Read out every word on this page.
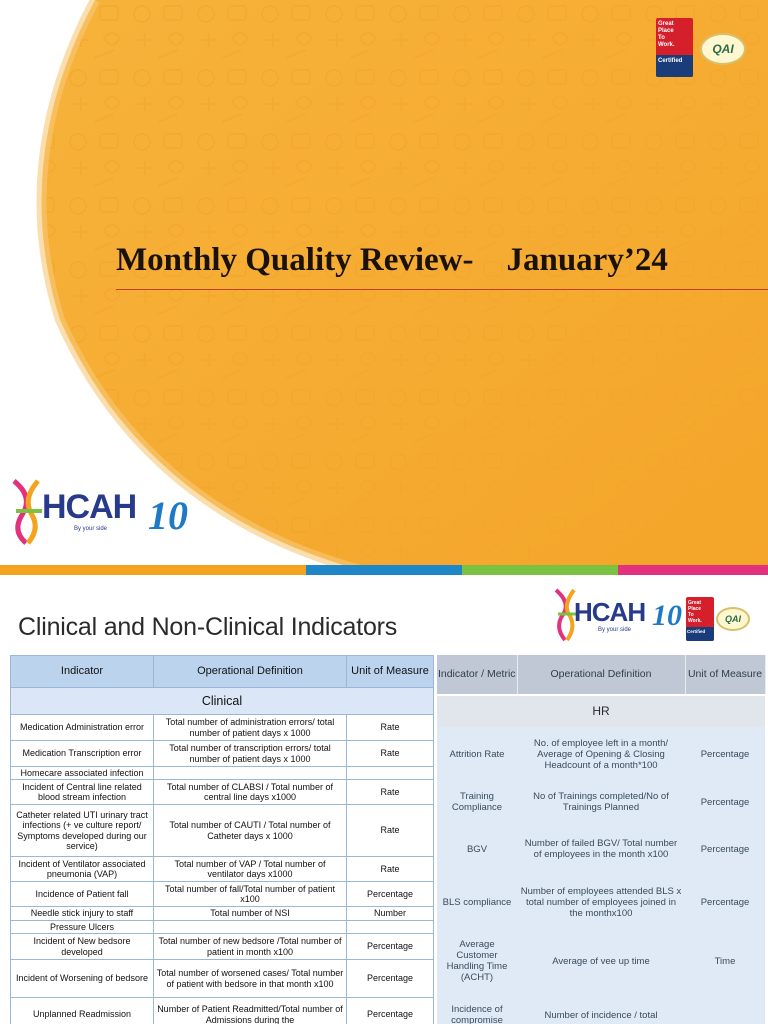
Monthly Quality Review-    January’24
Great
Place
To
Work.
Certified
QAI
HCAH
By your side 10
Clinical and Non-Clinical Indicators	HCAH
By your side 10 Great
Place
To
Work.
Certified
QAI
Indicator	Operational Definition	Unit of Measure
Clinical		
Medication Administration error	Total number of administration errors/ total number of patient days x 1000	Rate
Medication Transcription error	Total number of transcription errors/ total number of patient days x 1000	Rate
Homecare associated infection		
Incident of Central line related blood stream infection	Total number of CLABSI / Total number of central line days x1000	Rate
Catheter related UTI urinary tract infections (+ ve culture report/ Symptoms developed during our service)	Total number of CAUTI / Total number of Catheter days x 1000	Rate
Incident of Ventilator associated pneumonia (VAP)	Total number of VAP / Total number of ventilator days x1000	Rate
Incidence of Patient fall	Total number of fall/Total number of patient x100	Percentage
Needle stick injury to staff	Total number of NSI	Number
Pressure Ulcers		
Incident of New bedsore developed	Total number of new bedsore /Total number of patient in month x100	Percentage
Incident of Worsening of bedsore	Total number of worsened cases/ Total number of patient with bedsore in that month x100	Percentage
Unplanned Readmission	Number of Patient Readmitted/Total number of Admissions during the	Percentage
Indicator / Metric	Operational Definition	Unit of Measure
HR		
Attrition Rate	No. of employee left in a month/ Average of Opening & Closing Headcount of a month*100	Percentage
Training Compliance	No of Trainings completed/No of Trainings Planned	Percentage
BGV	Number of failed BGV/ Total number of employees in the month x100	Percentage
BLS compliance	Number of employees attended BLS x total number of employees joined in the monthx100	Percentage
Average Customer Handling Time (ACHT)	Average of vee up time	Time
Incidence of compromise	Number of incidence / total	
